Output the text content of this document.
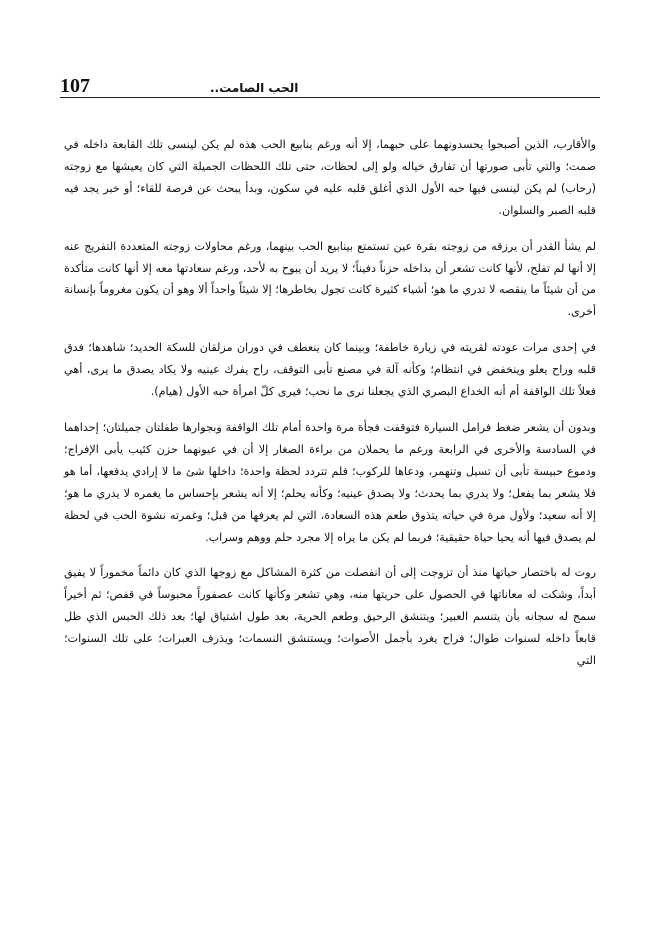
107	الحب الصامت..

والأقارب، الذين أصبحوا يحسدونهما على حبهما، إلا أنه ورغم ينابيع الحب هذه لم يكن لينسى تلك القابعة داخله في صمت؛ والتي تأبى صورتها أن تفارق خياله ولو إلى لحظات، حتى تلك اللحظات الجميلة التي كان يعيشها مع زوجته (رحاب) لم يكن لينسى فيها حبه الأول الذي أغلق قلبه عليه في سكون، وبدأ يبحث عن فرصة للقاء؛ أو خبر يجد فيه قلبه الصبر والسلوان.

لم يشأ القدر أن يرزقه من زوجته بقرة عين تستمتع بينابيع الحب بينهما، ورغم محاولات زوجته المتعددة التفريج عنه إلا أنها لم تفلح، لأنها كانت تشعر أن بداخله حزناً دفيناً؛ لا يريد أن يبوح به لأحد، ورغم سعادتها معه إلا أنها كانت متأكدة من أن شيئاً ما ينقصه لا تدري ما هو؛ أشياء كثيرة كانت تجول بخاطرها؛ إلا شيئاً واحداً ألا وهو أن يكون مغروماً بإنسانة أخرى.

في إحدى مرات عودته لقريته في زيارة خاطفة؛ وبينما كان ينعطف في دوران مزلقان للسكة الحديد؛ شاهدها؛ فدق قلبه وراح يعلو وينخفض في انتظام؛ وكأنه آلة في مصنع تأبى التوقف، راح يفرك عينيه ولا يكاد يصدق ما يرى، أهي فعلاً تلك الواقفة أم أنه الخداع البصري الذي يجعلنا نرى ما نحب؛ فيرى كلّ امرأة حبه الأول (هيام).

وبدون أن يشعر ضغط فرامل السيارة فتوقفت فجأة مرة واحدة أمام تلك الواقفة وبجوارها طفلتان جميلتان؛ إحداهما في السادسة والأخرى في الرابعة ورغم ما يحملان من براءة الصغار إلا أن في عيونهما حزن كئيب يأبى الإفراج؛ ودموع حبيسة تأبى أن تسيل وتنهمر، ودعاها للركوب؛ فلم تتردد لحظة واحدة؛ داخلها شئ ما لا إرادي يدفعها، أما هو فلا يشعر بما يفعل؛ ولا يدري بما يحدث؛ ولا يصدق عينيه؛ وكأنه يحلم؛ إلا أنه يشعر بإحساس ما يغمره لا يدري ما هو؛ إلا أنه سعيد؛ ولأول مرة في حياته يتذوق طعم هذه السعادة، التي لم يعرفها من قبل؛ وغمرته نشوة الحب في لحظة لم يصدق فيها أنه يحيا حياة حقيقية؛ فربما لم يكن ما يراه إلا مجرد حلم ووهم وسراب.

روت له باختصار حياتها منذ أن تزوجت إلى أن انفصلت من كثرة المشاكل مع زوجها الذي كان دائماً مخموراً لا يفيق أبداً، وشكت له معاناتها في الحصول على حريتها منه، وهي تشعر وكأنها كانت عصفوراً محبوساً في قفص؛ ثم أخيراً سمح له سجانه بأن يتنسم العبير؛ ويتنشق الرحيق وطعم الحرية، بعد طول اشتياق لها؛ بعد ذلك الحبس الذي ظل قابعاً داخله لسنوات طوال؛ فراح يغرد بأجمل الأصوات؛ ويستنشق النسمات؛ ويذرف العبرات؛ على تلك السنوات؛ التي
